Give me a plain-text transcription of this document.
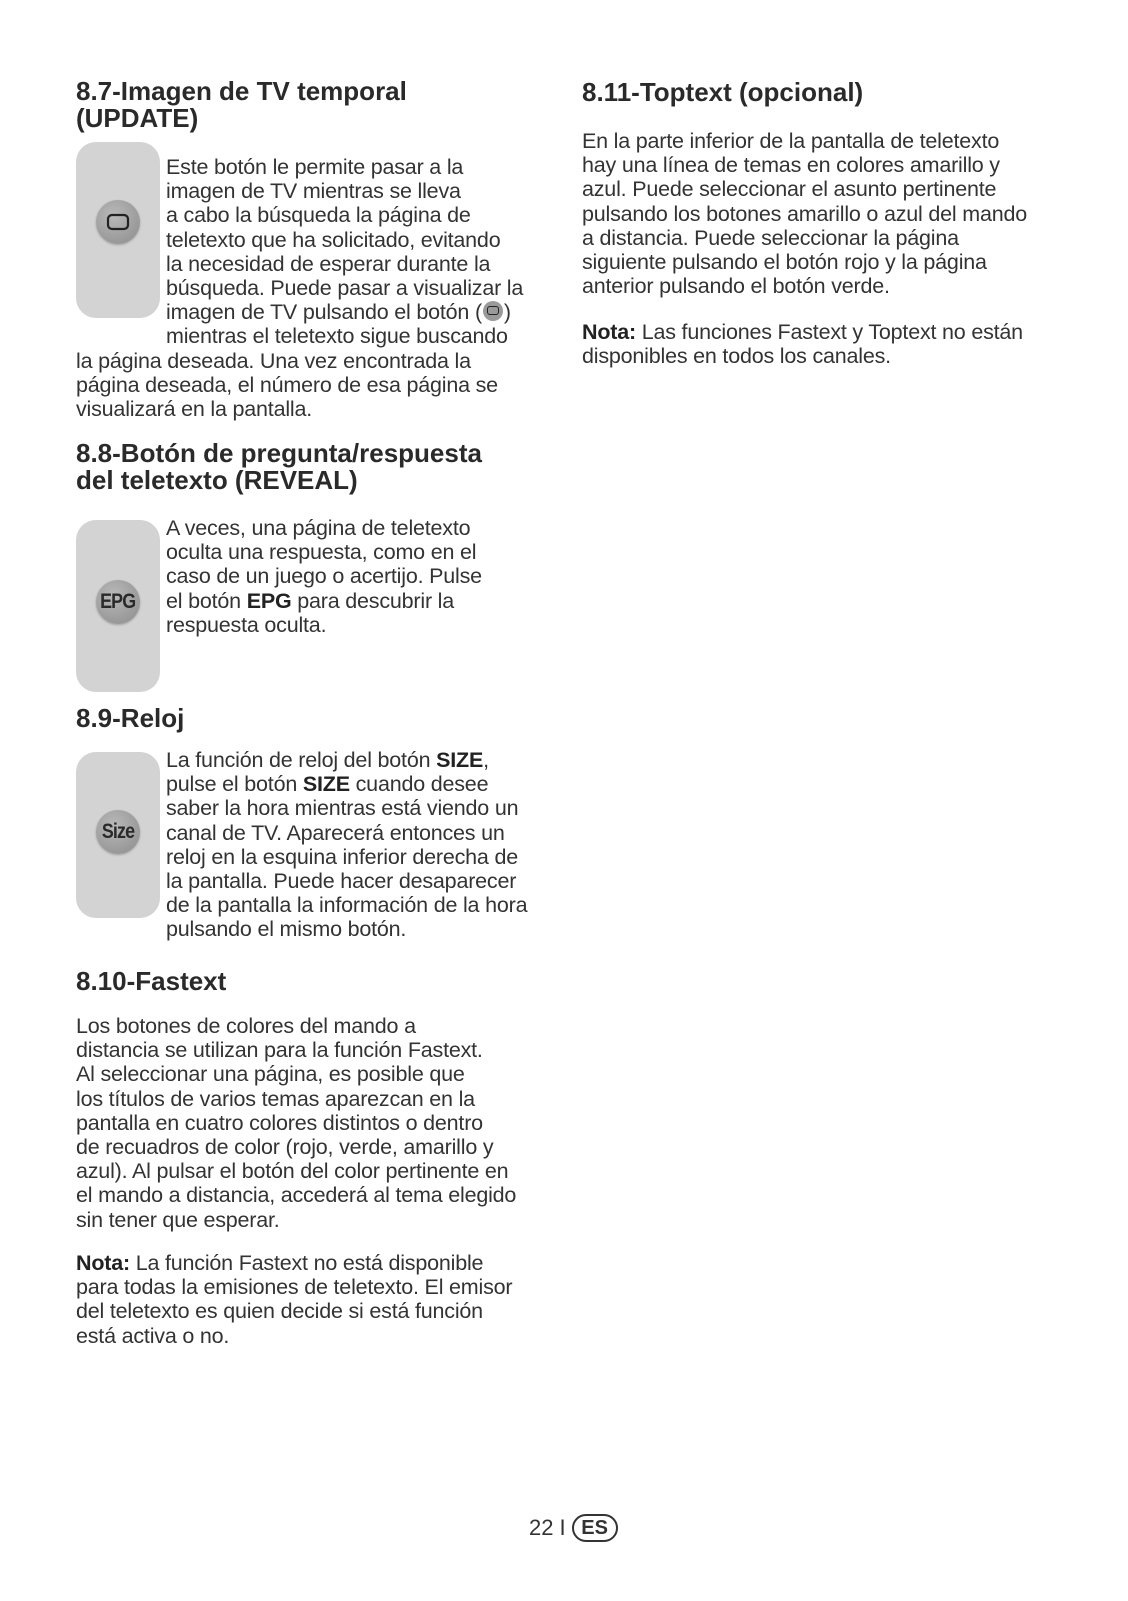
8.7-Imagen de TV temporal
(UPDATE)
Este botón le permite pasar a la
imagen de TV mientras se lleva
a cabo la búsqueda la página de
teletexto que ha solicitado, evitando
la necesidad de esperar durante la
búsqueda. Puede pasar a visualizar la
imagen de TV pulsando el botón ( )
mientras el teletexto sigue buscando
la página deseada. Una vez encontrada la
página deseada, el número de esa página se
visualizará en la pantalla.
8.8-Botón de pregunta/respuesta
del teletexto (REVEAL)
EPG
A veces, una página de teletexto
oculta una respuesta, como en el
caso de un juego o acertijo. Pulse
el botón EPG para descubrir la
respuesta oculta.
8.9-Reloj
Size
La función de reloj del botón SIZE,
pulse el botón SIZE cuando desee
saber la hora mientras está viendo un
canal de TV. Aparecerá entonces un
reloj en la esquina inferior derecha de
la pantalla. Puede hacer desaparecer
de la pantalla la información de la hora
pulsando el mismo botón.
8.10-Fastext
Los botones de colores del mando a
distancia se utilizan para la función Fastext.
Al seleccionar una página, es posible que
los títulos de varios temas aparezcan en la
pantalla en cuatro colores distintos o dentro
de recuadros de color (rojo, verde, amarillo y
azul). Al pulsar el botón del color pertinente en
el mando a distancia, accederá al tema elegido
sin tener que esperar.
Nota: La función Fastext no está disponible
para todas la emisiones de teletexto. El emisor
del teletexto es quien decide si está función
está activa o no.
8.11-Toptext (opcional)
En la parte inferior de la pantalla de teletexto
hay una línea de temas en colores amarillo y
azul. Puede seleccionar el asunto pertinente
pulsando los botones amarillo o azul del mando
a distancia. Puede seleccionar la página
siguiente pulsando el botón rojo y la página
anterior pulsando el botón verde.
Nota: Las funciones Fastext y Toptext no están
disponibles en todos los canales.
22 I ES
